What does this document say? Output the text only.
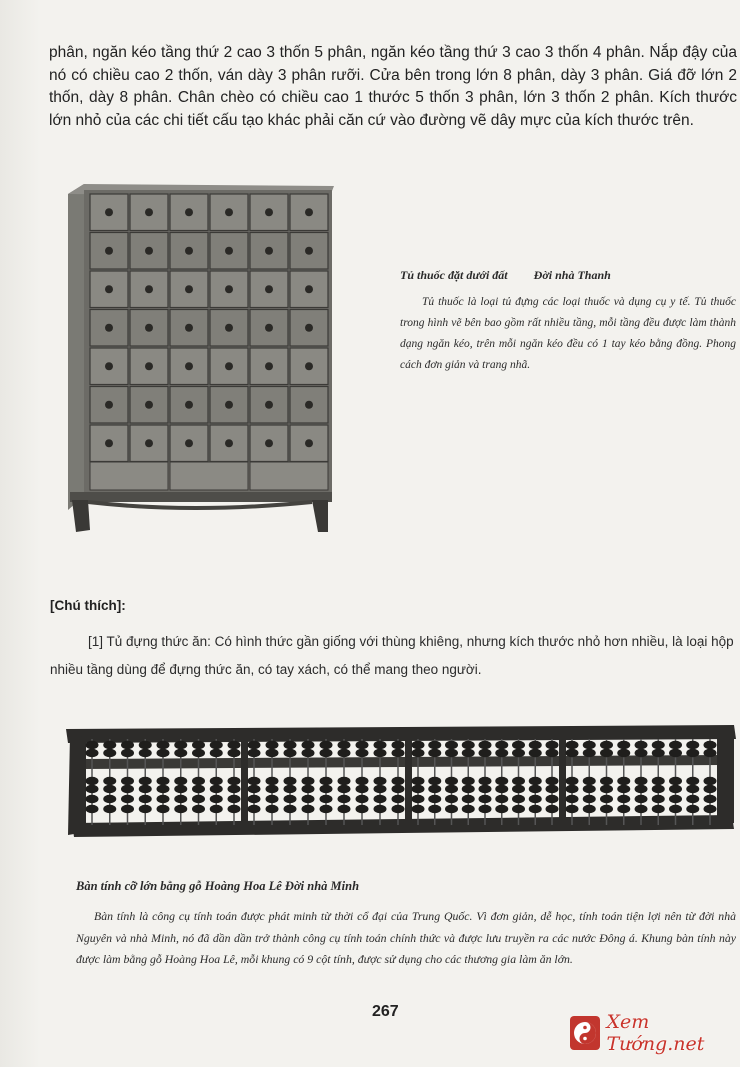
phân, ngăn kéo tầng thứ 2 cao 3 thốn 5 phân, ngăn kéo tầng thứ 3 cao 3 thốn 4 phân. Nắp đậy của nó có chiều cao 2 thốn, ván dày 3 phân rưỡi. Cửa bên trong lớn 8 phân, dày 3 phân. Giá đỡ lớn 2 thốn, dày 8 phân. Chân chèo có chiều cao 1 thước 5 thốn 3 phân, lớn 3 thốn 2 phân. Kích thước lớn nhỏ của các chi tiết cấu tạo khác phải căn cứ vào đường vẽ dây mực của kích thước trên.

Tủ thuốc đặt dưới đất Đời nhà Thanh
Tủ thuốc là loại tủ đựng các loại thuốc và dụng cụ y tế. Tủ thuốc trong hình vẽ bên bao gồm rất nhiều tầng, mỗi tầng đều được làm thành dạng ngăn kéo, trên mỗi ngăn kéo đều có 1 tay kéo bằng đồng. Phong cách đơn giản và trang nhã.
[Chú thích]:
[1] Tủ đựng thức ăn: Có hình thức gần giống với thùng khiêng, nhưng kích thước nhỏ hơn nhiều, là loại hộp nhiều tầng dùng để đựng thức ăn, có tay xách, có thể mang theo người.
Bàn tính cỡ lớn bằng gỗ Hoàng Hoa Lê Đời nhà Minh
Bàn tính là công cụ tính toán được phát minh từ thời cổ đại của Trung Quốc. Vì đơn giản, dễ học, tính toán tiện lợi nên từ đời nhà Nguyên và nhà Minh, nó đã dần dần trở thành công cụ tính toán chính thức và được lưu truyền ra các nước Đông á. Khung bàn tính này được làm bằng gỗ Hoàng Hoa Lê, mỗi khung có 9 cột tính, được sử dụng cho các thương gia làm ăn lớn.
267	Xem Tướng.net
